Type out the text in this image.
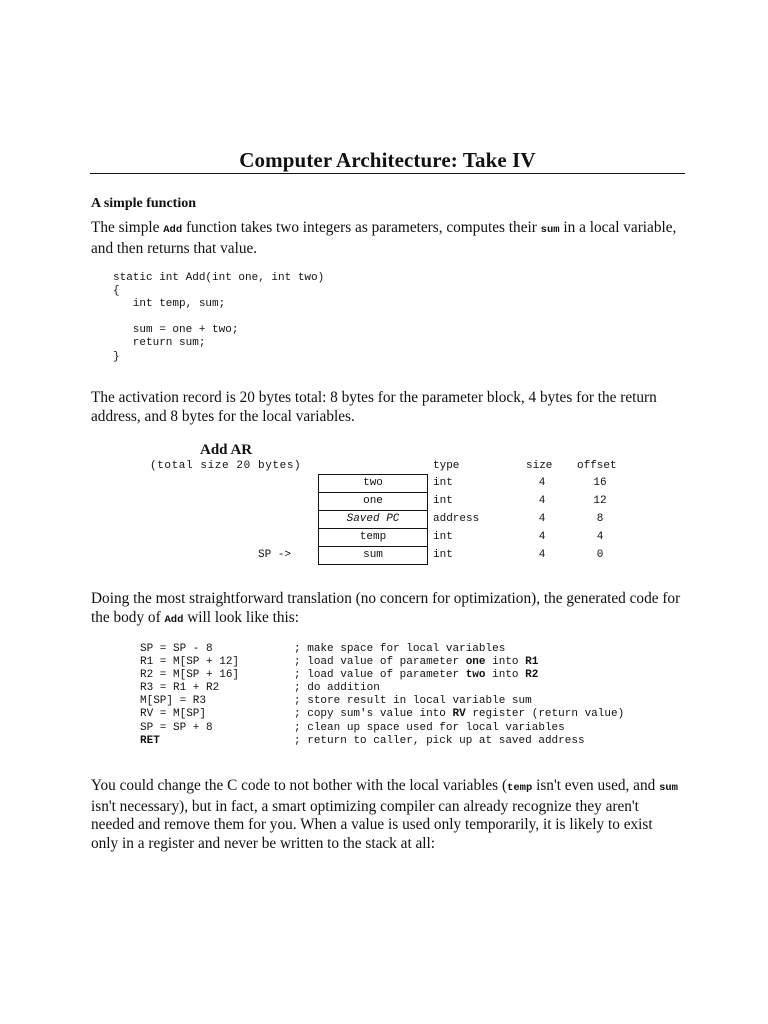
Computer Architecture: Take IV
A simple function
The simple Add function takes two integers as parameters, computes their sum in a local variable, and then returns that value.
static int Add(int one, int two)
{
int temp, sum;

sum = one + two;
return sum;
}
The activation record is 20 bytes total: 8 bytes for the parameter block, 4 bytes for the return address, and 8 bytes for the local variables.
Add AR
(total size 20 bytes)	type	size offset
two
one
Saved PC
temp
sum
int
int
address
int
int
4
4
4
4
4
16
12
8
4
0
SP ->
Doing the most straightforward translation (no concern for optimization), the generated code for the body of Add will look like this:
SP = SP - 8
R1 = M[SP + 12]
R2 = M[SP + 16]
R3 = R1 + R2
M[SP] = R3
RV = M[SP]
SP = SP + 8
RET
; make space for local variables
; load value of parameter one into R1
; load value of parameter two into R2
; do addition
; store result in local variable sum
; copy sum's value into RV register (return value)
; clean up space used for local variables
; return to caller, pick up at saved address
You could change the C code to not bother with the local variables (temp isn't even used, and sum isn't necessary), but in fact, a smart optimizing compiler can already recognize they aren't needed and remove them for you. When a value is used only temporarily, it is likely to exist only in a register and never be written to the stack at all:
